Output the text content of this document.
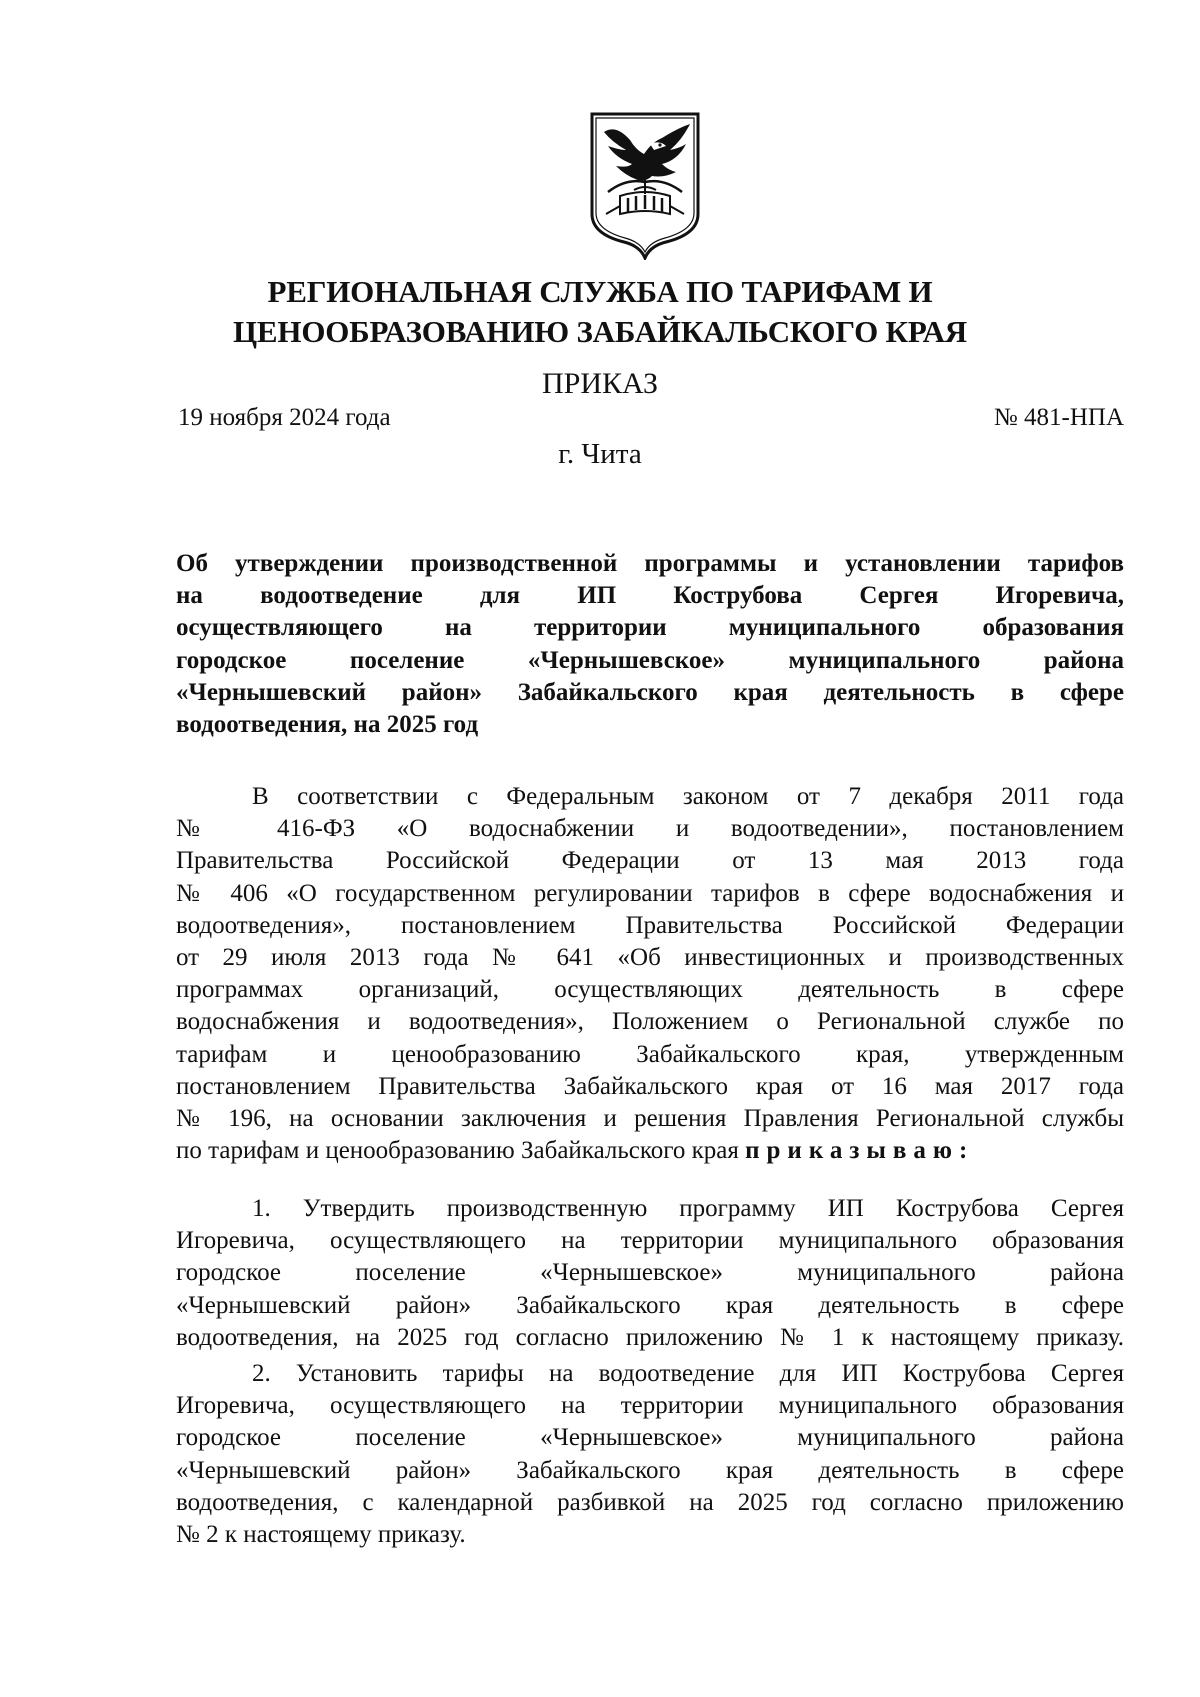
РЕГИОНАЛЬНАЯ СЛУЖБА ПО ТАРИФАМ И
ЦЕНООБРАЗОВАНИЮ ЗАБАЙКАЛЬСКОГО КРАЯ
ПРИКАЗ
19 ноября 2024 года	№ 481-НПА
г. Чита
Об утверждении производственной программы и установлении тарифов
на водоотведение для ИП Кострубова Сергея Игоревича,
осуществляющего на территории муниципального образования
городское поселение «Чернышевское» муниципального района
«Чернышевский район» Забайкальского края деятельность в сфере
водоотведения, на 2025 год
В соответствии с Федеральным законом от 7 декабря 2011 года
№ 416-ФЗ «О водоснабжении и водоотведении», постановлением
Правительства Российской Федерации от 13 мая 2013 года
№ 406 «О государственном регулировании тарифов в сфере водоснабжения и
водоотведения», постановлением Правительства Российской Федерации
от 29 июля 2013 года № 641 «Об инвестиционных и производственных
программах организаций, осуществляющих деятельность в сфере
водоснабжения и водоотведения», Положением о Региональной службе по
тарифам и ценообразованию Забайкальского края, утвержденным
постановлением Правительства Забайкальского края от 16 мая 2017 года
№ 196, на основании заключения и решения Правления Региональной службы
по тарифам и ценообразованию Забайкальского края приказываю:
1. Утвердить производственную программу ИП Кострубова Сергея
Игоревича, осуществляющего на территории муниципального образования
городское поселение «Чернышевское» муниципального района
«Чернышевский район» Забайкальского края деятельность в сфере
водоотведения, на 2025 год согласно приложению № 1 к настоящему приказу.
2. Установить тарифы на водоотведение для ИП Кострубова Сергея
Игоревича, осуществляющего на территории муниципального образования
городское поселение «Чернышевское» муниципального района
«Чернышевский район» Забайкальского края деятельность в сфере
водоотведения, с календарной разбивкой на 2025 год согласно приложению
№ 2 к настоящему приказу.
